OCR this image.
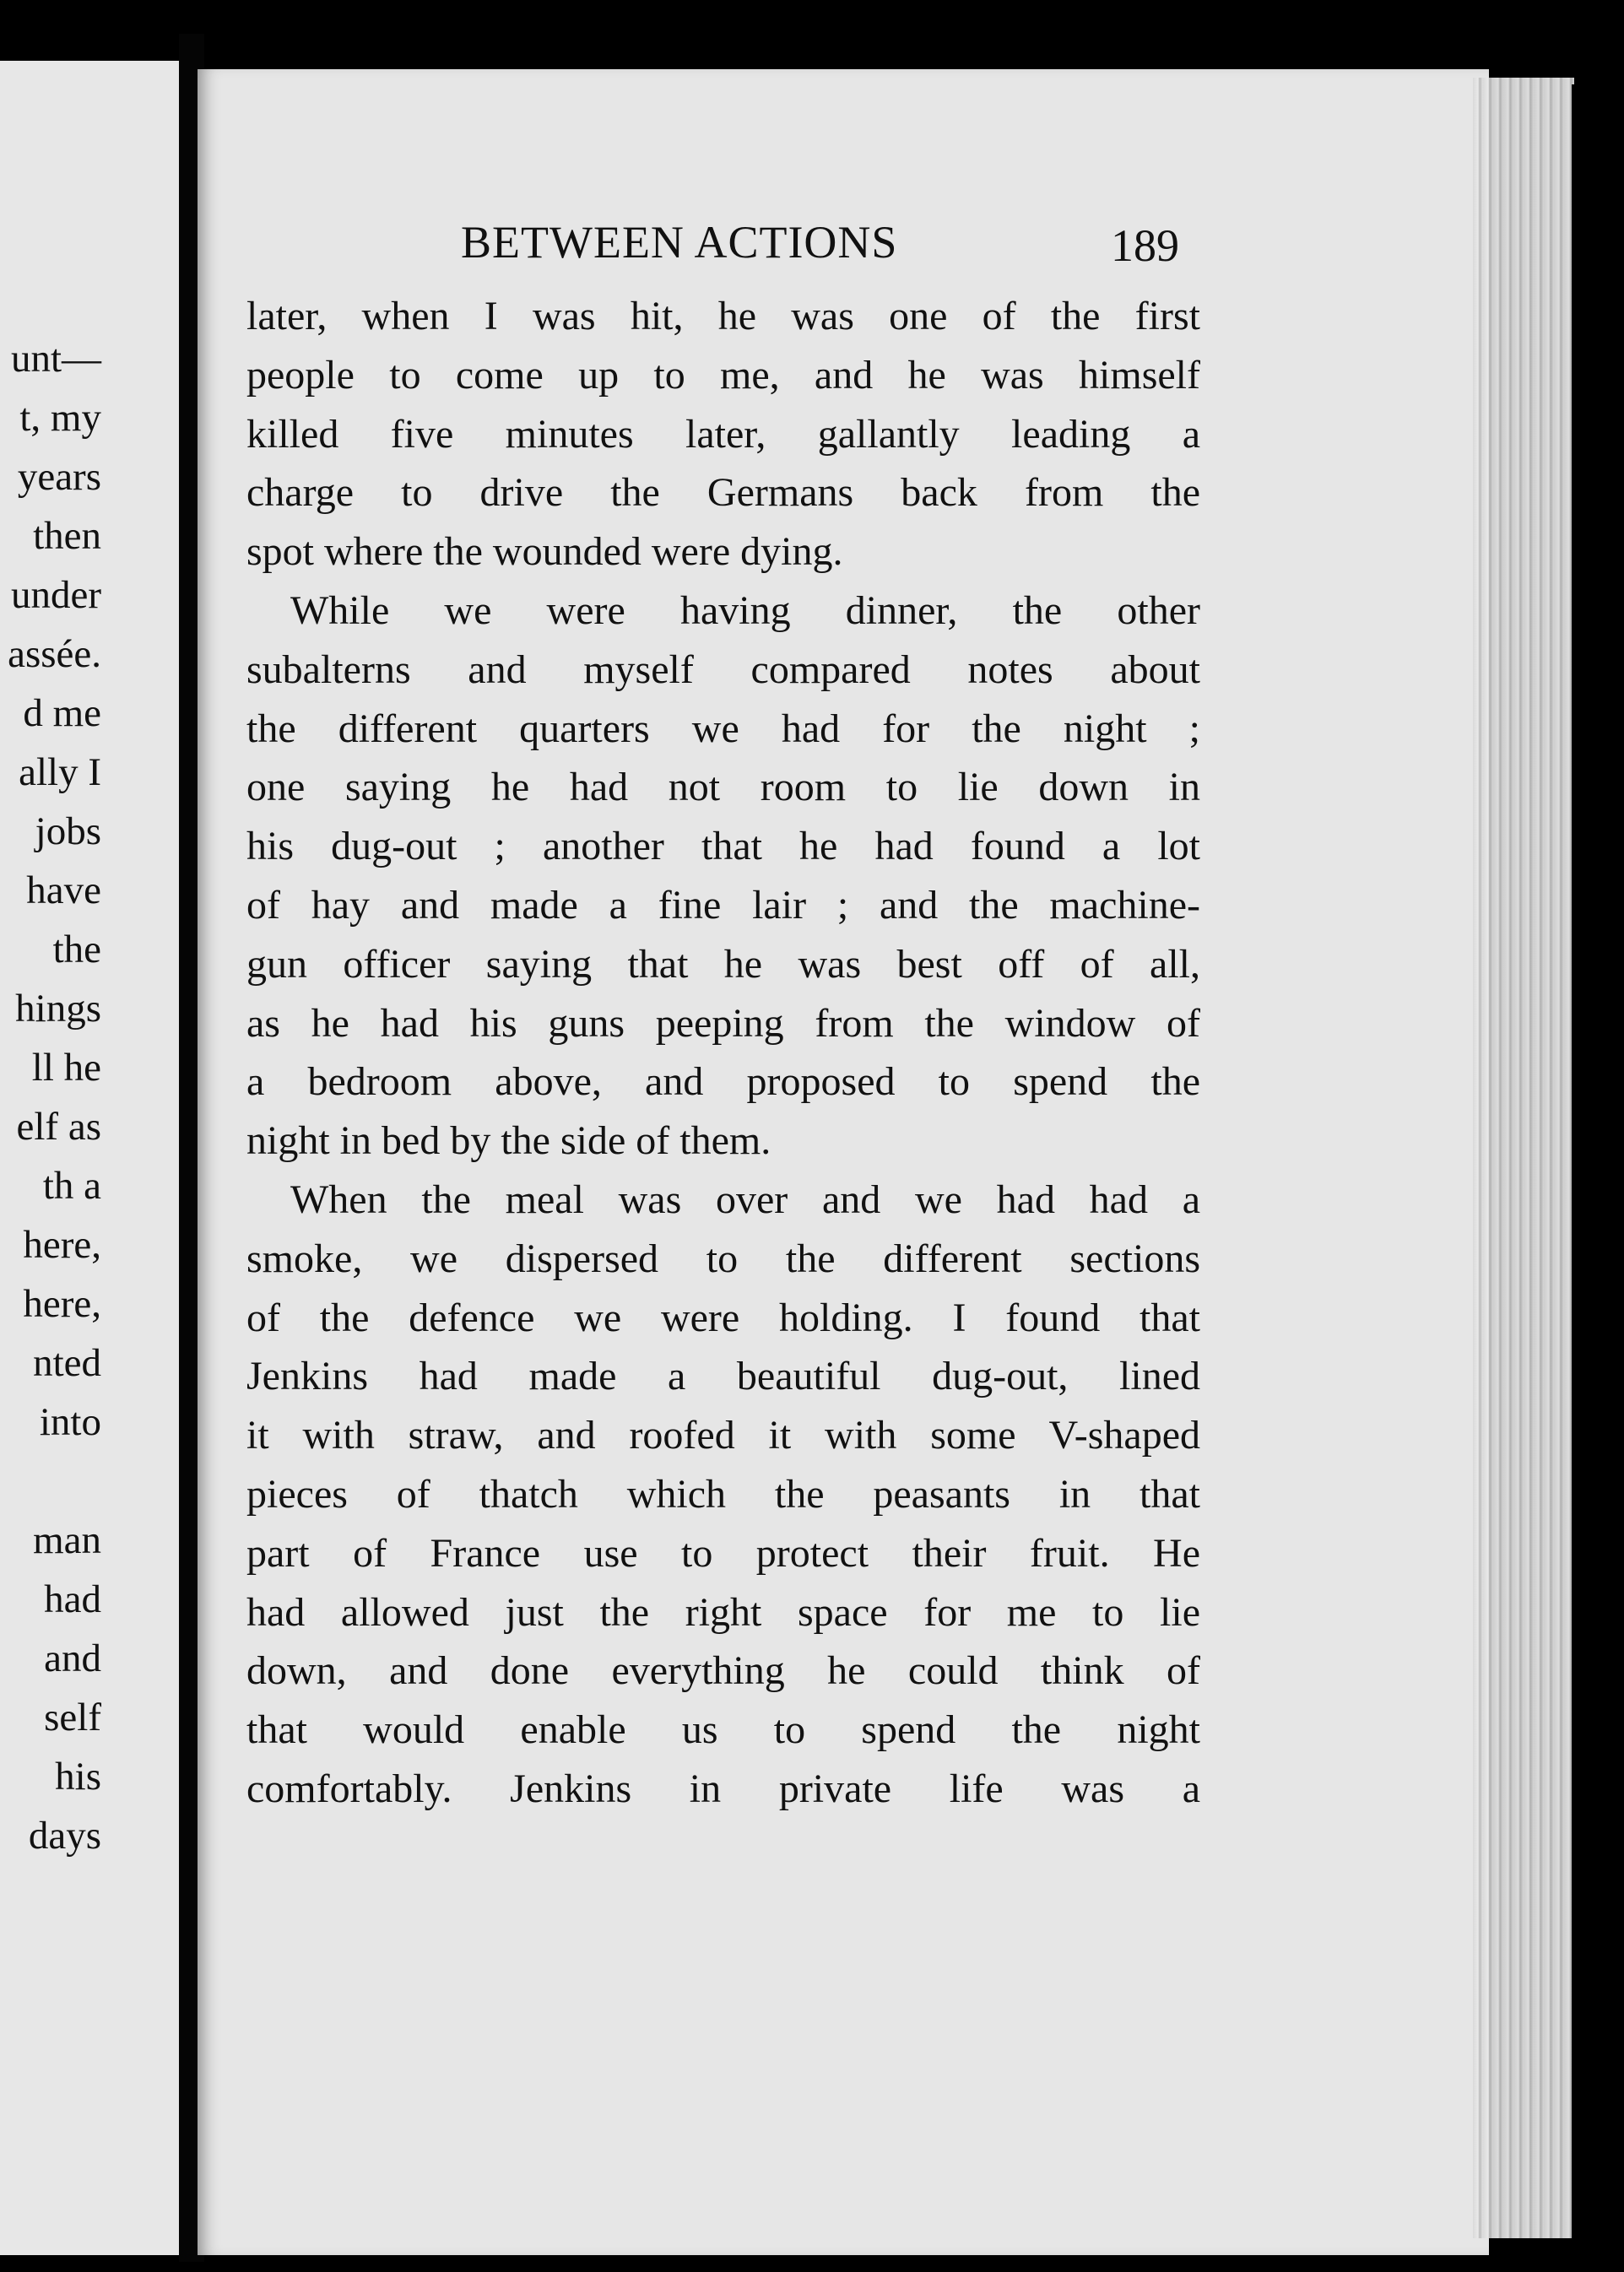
unt—
t, my
years
then
under
assée.
d me
ally I
jobs
have
the
hings
ll he
elf as
th a
here,
here,
nted
into
man
had
and
self
his
days
BETWEEN ACTIONS	189
later, when I was hit, he was one of the first
people to come up to me, and he was himself
killed five minutes later, gallantly leading a
charge to drive the Germans back from the
spot where the wounded were dying.
While we were having dinner, the other
subalterns and myself compared notes about
the different quarters we had for the night ;
one saying he had not room to lie down in
his dug-out ; another that he had found a lot
of hay and made a fine lair ; and the machine-
gun officer saying that he was best off of all,
as he had his guns peeping from the window of
a bedroom above, and proposed to spend the
night in bed by the side of them.
When the meal was over and we had had a
smoke, we dispersed to the different sections
of the defence we were holding. I found that
Jenkins had made a beautiful dug-out, lined
it with straw, and roofed it with some V-shaped
pieces of thatch which the peasants in that
part of France use to protect their fruit. He
had allowed just the right space for me to lie
down, and done everything he could think of
that would enable us to spend the night
comfortably. Jenkins in private life was a
